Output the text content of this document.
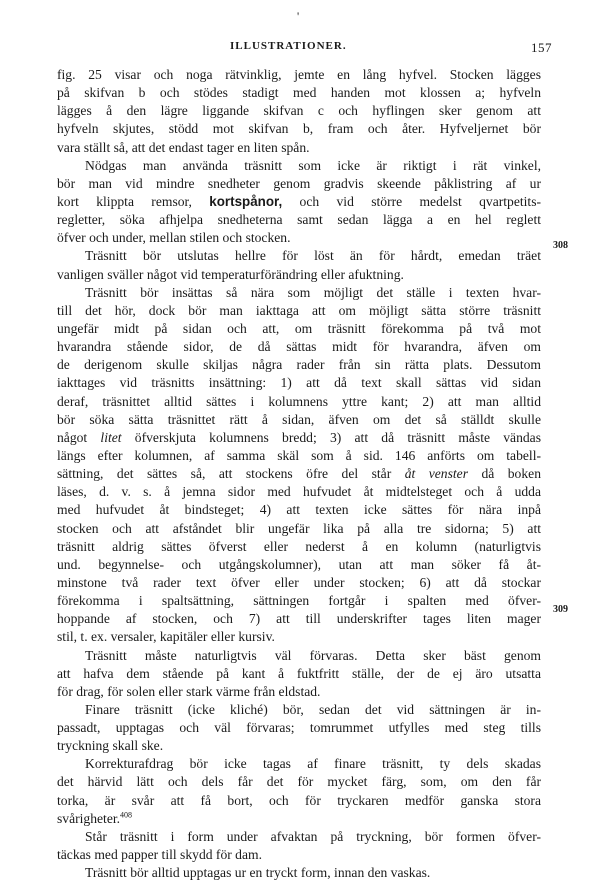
'
ILLUSTRATIONER.	157
fig. 25 visar och noga rätvinklig, jemte en lång hyfvel. Stocken lägges
på skifvan b och stödes stadigt med handen mot klossen a; hyfveln
lägges å den lägre liggande skifvan c och hyflingen sker genom att
hyfveln skjutes, stödd mot skifvan b, fram och åter. Hyfveljernet bör
vara ställt så, att det endast tager en liten spån.
Nödgas man använda träsnitt som icke är riktigt i rät vinkel,
bör man vid mindre snedheter genom gradvis skeende påklistring af ur
kort klippta remsor, kortspånor, och vid större medelst qvartpetits-
regletter, söka afhjelpa snedheterna samt sedan lägga a en hel reglett
öfver och under, mellan stilen och stocken.
Träsnitt bör utslutas hellre för löst än för hårdt, emedan träet
vanligen sväller något vid temperaturförändring eller afuktning.
Träsnitt bör insättas så nära som möjligt det ställe i texten hvar-
till det hör, dock bör man iakttaga att om möjligt sätta större träsnitt
ungefär midt på sidan och att, om träsnitt förekomma på två mot
hvarandra stående sidor, de då sättas midt för hvarandra, äfven om
de derigenom skulle skiljas några rader från sin rätta plats. Dessutom
iakttages vid träsnitts insättning: 1) att då text skall sättas vid sidan
deraf, träsnittet alltid sättes i kolumnens yttre kant; 2) att man alltid
bör söka sätta träsnittet rätt å sidan, äfven om det så ställdt skulle
något litet öfverskjuta kolumnens bredd; 3) att då träsnitt måste vändas
längs efter kolumnen, af samma skäl som å sid. 146 anförts om tabell-
sättning, det sättes så, att stockens öfre del står åt venster då boken
läses, d. v. s. å jemna sidor med hufvudet åt midtelsteget och å udda
med hufvudet åt bindsteget; 4) att texten icke sättes för nära inpå
stocken och att afståndet blir ungefär lika på alla tre sidorna; 5) att
träsnitt aldrig sättes öfverst eller nederst å en kolumn (naturligtvis
und. begynnelse- och utgångskolumner), utan att man söker få åt-
minstone två rader text öfver eller under stocken; 6) att då stockar
förekomma i spaltsättning, sättningen fortgår i spalten med öfver-
hoppande af stocken, och 7) att till underskrifter tages liten mager
stil, t. ex. versaler, kapitäler eller kursiv.
Träsnitt måste naturligtvis väl förvaras. Detta sker bäst genom
att hafva dem stående på kant å fuktfritt ställe, der de ej äro utsatta
för drag, för solen eller stark värme från eldstad.
Finare träsnitt (icke kliché) bör, sedan det vid sättningen är in-
passadt, upptagas och väl förvaras; tomrummet utfylles med steg tills
tryckning skall ske.
Korrekturafdrag bör icke tagas af finare träsnitt, ty dels skadas
det härvid lätt och dels får det för mycket färg, som, om den får
torka, är svår att få bort, och för tryckaren medför ganska stora
svårigheter.$^{408}$
Står träsnitt i form under afvaktan på tryckning, bör formen öfver-
täckas med papper till skydd för dam.
Träsnitt bör alltid upptagas ur en tryckt form, innan den vaskas.
308
309
